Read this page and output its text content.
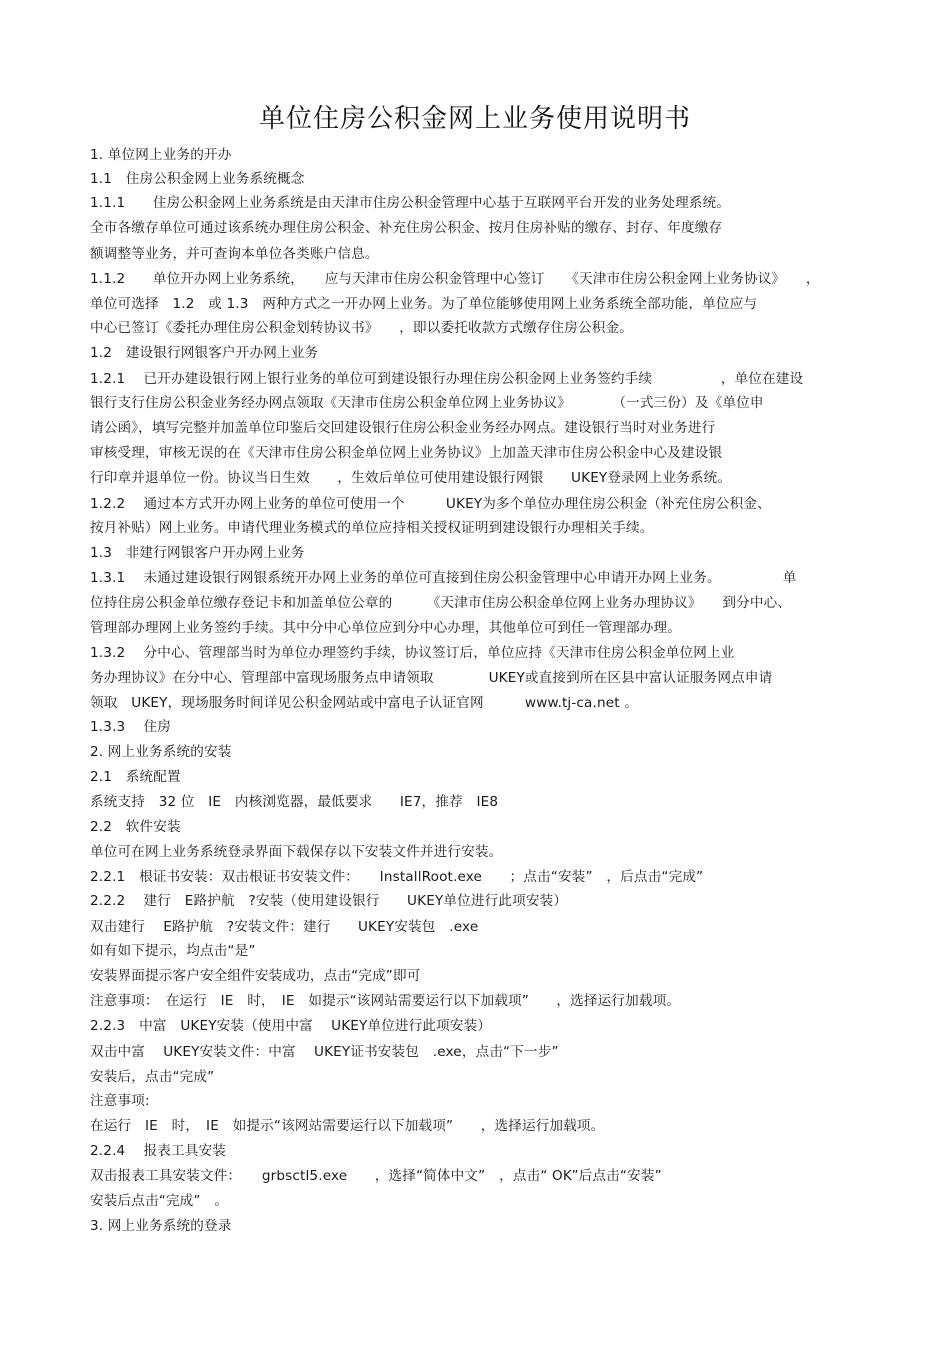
单位住房公积金网上业务使用说明书
1. 单位网上业务的开办
1.1　住房公积金网上业务系统概念
1.1.1　　住房公积金网上业务系统是由天津市住房公积金管理中心基于互联网平台开发的业务处理系统。
全市各缴存单位可通过该系统办理住房公积金、补充住房公积金、按月住房补贴的缴存、封存、年度缴存
额调整等业务，并可查询本单位各类账户信息。
1.1.2　　单位开办网上业务系统，　　应与天津市住房公积金管理中心签订　　《天津市住房公积金网上业务协议》　　，
单位可选择　1.2　或 1.3　两种方式之一开办网上业务。为了单位能够使用网上业务系统全部功能，单位应与
中心已签订《委托办理住房公积金划转协议书》　　，即以委托收款方式缴存住房公积金。
1.2　建设银行网银客户开办网上业务
1.2.1　 已开办建设银行网上银行业务的单位可到建设银行办理住房公积金网上业务签约手续　　　　　，单位在建设
银行支行住房公积金业务经办网点领取《天津市住房公积金单位网上业务协议》　　　　（一式三份）及《单位申
请公函》，填写完整并加盖单位印鉴后交回建设银行住房公积金业务经办网点。建设银行当时对业务进行
审核受理，审核无误的在《天津市住房公积金单位网上业务协议》上加盖天津市住房公积金中心及建设银
行印章并退单位一份。协议当日生效　　，生效后单位可使用建设银行网银　　UKEY登录网上业务系统。
1.2.2　 通过本方式开办网上业务的单位可使用一个　　　UKEY为多个单位办理住房公积金（补充住房公积金、
按月补贴）网上业务。申请代理业务模式的单位应持相关授权证明到建设银行办理相关手续。
1.3　非建行网银客户开办网上业务
1.3.1　 未通过建设银行网银系统开办网上业务的单位可直接到住房公积金管理中心申请开办网上业务。　　　　　单
位持住房公积金单位缴存登记卡和加盖单位公章的　　　《天津市住房公积金单位网上业务办理协议》　　到分中心、
管理部办理网上业务签约手续。其中分中心单位应到分中心办理，其他单位可到任一管理部办理。
1.3.2　 分中心、管理部当时为单位办理签约手续，协议签订后，单位应持《天津市住房公积金单位网上业
务办理协议》在分中心、管理部中富现场服务点申请领取　　　　UKEY或直接到所在区县中富认证服务网点申请
领取　UKEY，现场服务时间详见公积金网站或中富电子认证官网　　　www.tj-ca.net 。
1.3.3　 住房
2. 网上业务系统的安装
2.1　系统配置
系统支持　32 位　IE　内核浏览器，最低要求　　IE7，推荐　IE8
2.2　软件安装
单位可在网上业务系统登录界面下载保存以下安装文件并进行安装。
2.2.1　根证书安装：双击根证书安装文件：　　InstallRoot.exe　　；点击“安装”　，后点击“完成”
2.2.2　 建行　E路护航　?安装（使用建设银行　　UKEY单位进行此项安装）
双击建行　 E路护航　?安装文件：建行　　UKEY安装包　.exe
如有如下提示，均点击“是”
安装界面提示客户安全组件安装成功，点击“完成”即可
注意事项：　在运行　IE　时，　IE　如提示“该网站需要运行以下加载项”　　，选择运行加载项。
2.2.3　中富　UKEY安装（使用中富　 UKEY单位进行此项安装）
双击中富　 UKEY安装文件：中富　 UKEY证书安装包　.exe，点击“下一步”
安装后，点击“完成”
注意事项:
在运行　IE　时，　IE　如提示“该网站需要运行以下加载项”　　，选择运行加载项。
2.2.4　 报表工具安装
双击报表工具安装文件：　　grbsctl5.exe　　，选择“简体中文”　，点击“ OK”后点击“安装”
安装后点击“完成”　。
3. 网上业务系统的登录
